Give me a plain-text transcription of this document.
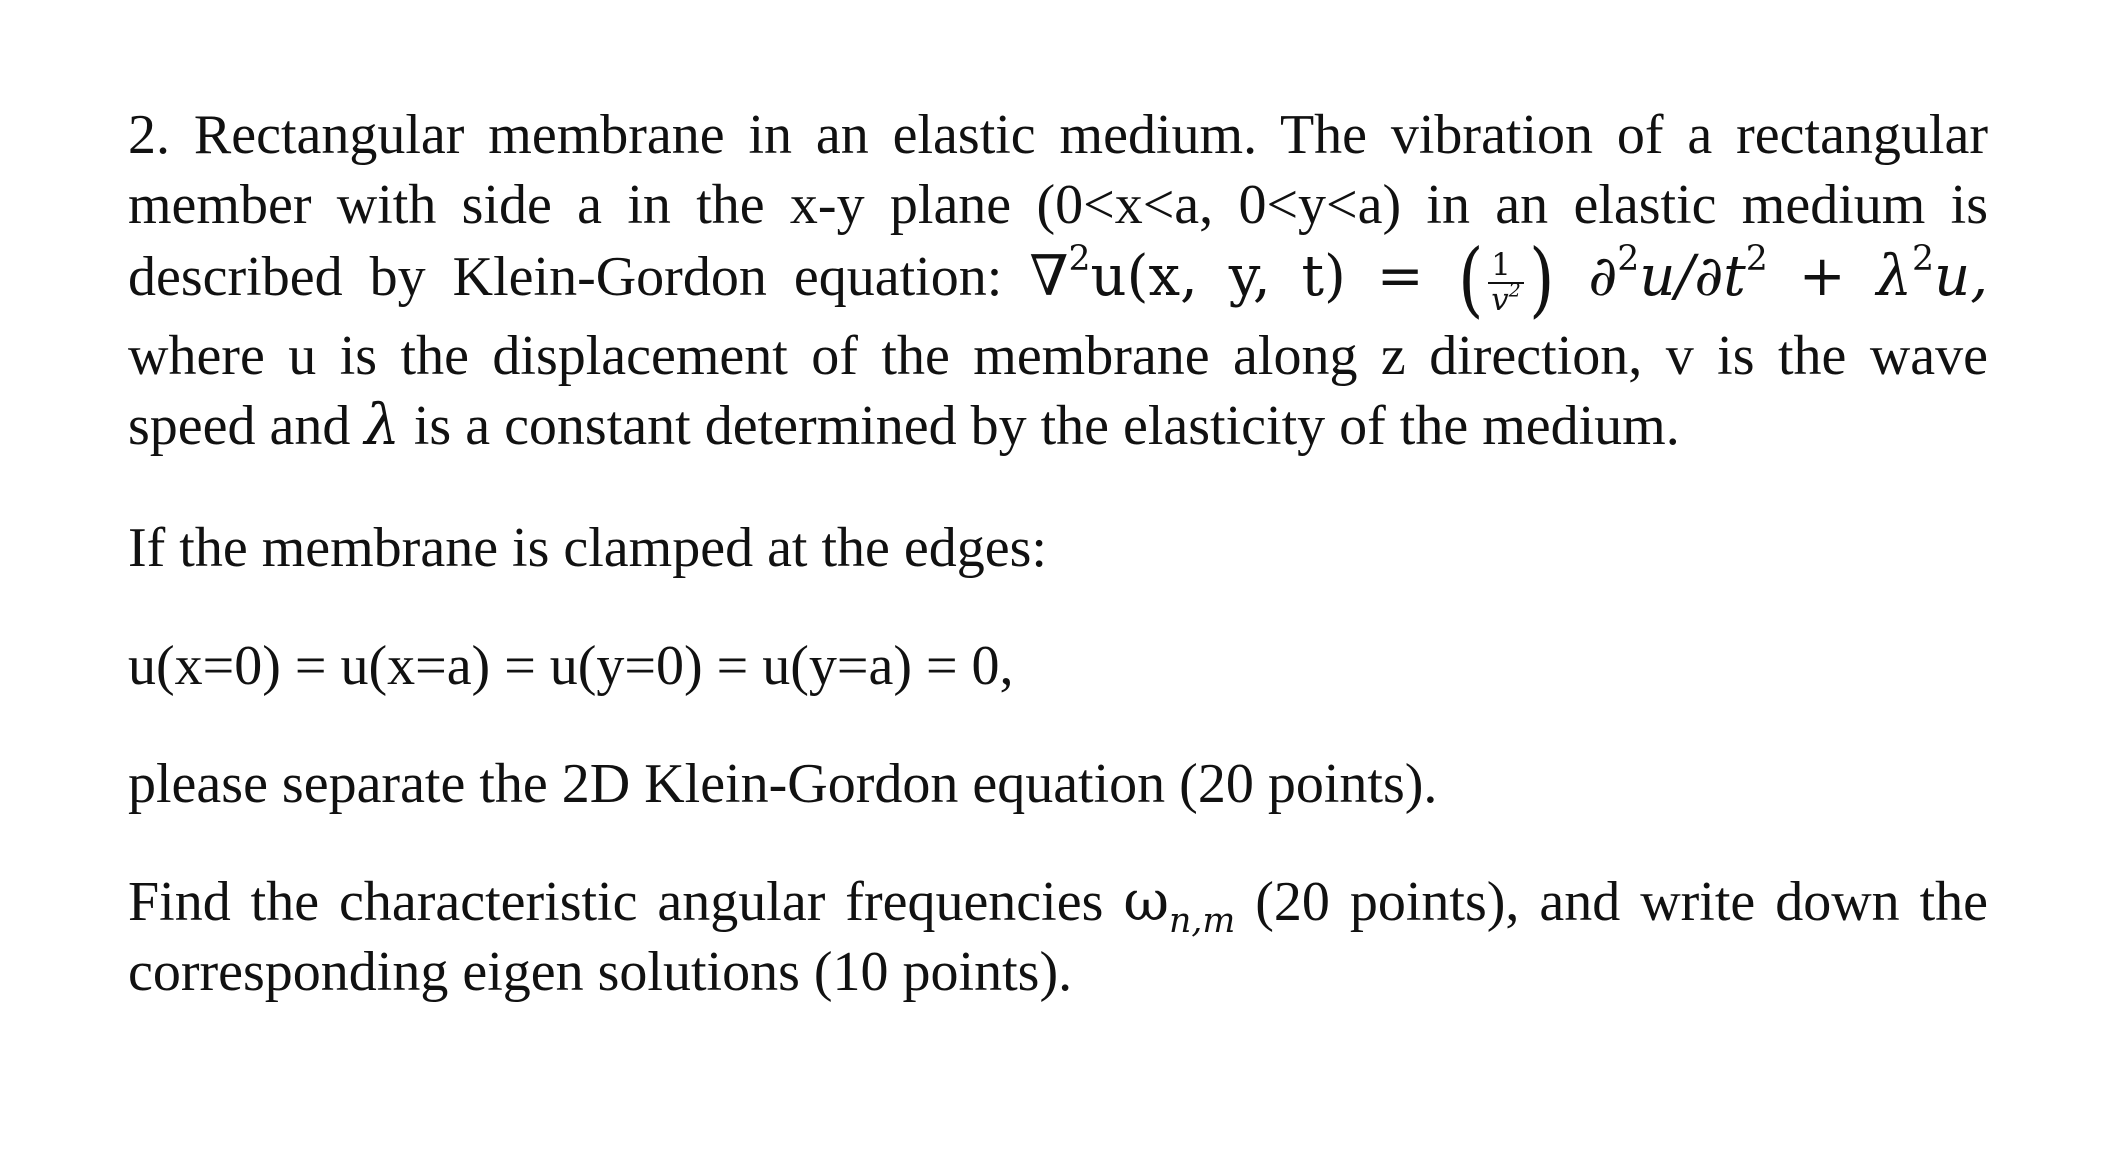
2. Rectangular membrane in an elastic medium. The vibration of a rectangular member with side a in the x-y plane (0<x<a, 0<y<a) in an elastic medium is described by Klein-Gordon equation: ∇$^2$u(x, y, t) = ( $\frac{1}{v^2}$ ) $\partial^2u/\partial t^2 + \lambda^2u$, where u is the displacement of the membrane along z direction, v is the wave speed and λ is a constant determined by the elasticity of the medium.

If the membrane is clamped at the edges:

u(x=0) = u(x=a) = u(y=0) = u(y=a) = 0,

please separate the 2D Klein-Gordon equation (20 points).

Find the characteristic angular frequencies $\omega_{n,m}$ (20 points), and write down the corresponding eigen solutions (10 points).
